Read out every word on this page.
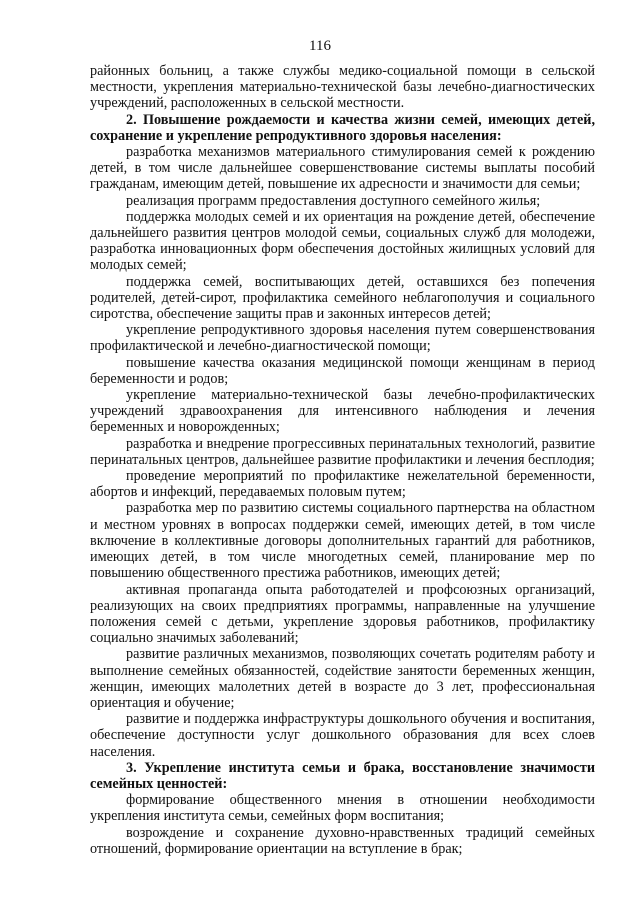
116

районных больниц, а также службы медико-социальной помощи в сельской местности, укрепления материально-технической базы лечебно-диагностических учреждений, расположенных в сельской местности.

2. Повышение рождаемости и качества жизни семей, имеющих детей, сохранение и укрепление репродуктивного здоровья населения:

разработка механизмов материального стимулирования семей к рождению детей, в том числе дальнейшее совершенствование системы выплаты пособий гражданам, имеющим детей, повышение их адресности и значимости для семьи;

реализация программ предоставления доступного семейного жилья;

поддержка молодых семей и их ориентация на рождение детей, обеспечение дальнейшего развития центров молодой семьи, социальных служб для молодежи, разработка инновационных форм обеспечения достойных жилищных условий для молодых семей;

поддержка семей, воспитывающих детей, оставшихся без попечения родителей, детей-сирот, профилактика семейного неблагополучия и социального сиротства, обеспечение защиты прав и законных интересов детей;

укрепление репродуктивного здоровья населения путем совершенствования профилактической и лечебно-диагностической помощи;

повышение качества оказания медицинской помощи женщинам в период беременности и родов;

укрепление материально-технической базы лечебно-профилактических учреждений здравоохранения для интенсивного наблюдения и лечения беременных и новорожденных;

разработка и внедрение прогрессивных перинатальных технологий, развитие перинатальных центров, дальнейшее развитие профилактики и лечения бесплодия;

проведение мероприятий по профилактике нежелательной беременности, абортов и инфекций, передаваемых половым путем;

разработка мер по развитию системы социального партнерства на областном и местном уровнях в вопросах поддержки семей, имеющих детей, в том числе включение в коллективные договоры дополнительных гарантий для работников, имеющих детей, в том числе многодетных семей, планирование мер по повышению общественного престижа работников, имеющих детей;

активная пропаганда опыта работодателей и профсоюзных организаций, реализующих на своих предприятиях программы, направленные на улучшение положения семей с детьми, укрепление здоровья работников, профилактику социально значимых заболеваний;

развитие различных механизмов, позволяющих сочетать родителям работу и выполнение семейных обязанностей, содействие занятости беременных женщин, женщин, имеющих малолетних детей в возрасте до 3 лет, профессиональная ориентация и обучение;

развитие и поддержка инфраструктуры дошкольного обучения и воспитания, обеспечение доступности услуг дошкольного образования для всех слоев населения.

3. Укрепление института семьи и брака, восстановление значимости семейных ценностей:

формирование общественного мнения в отношении необходимости укрепления института семьи, семейных форм воспитания;

возрождение и сохранение духовно-нравственных традиций семейных отношений, формирование ориентации на вступление в брак;
